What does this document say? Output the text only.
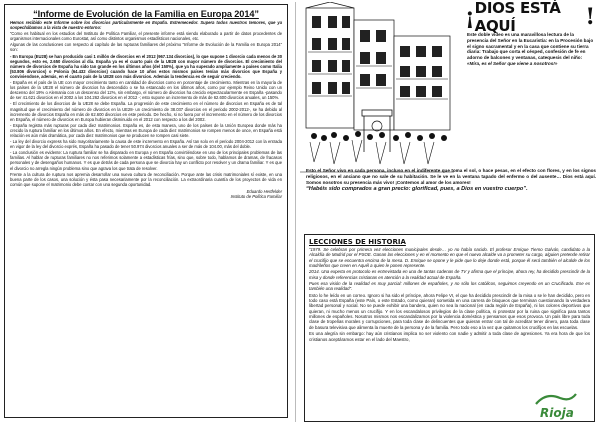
“Informe de Evolución de la Familia en Europa 2014”

Hemos recibido este Informe sobre los divorcios particularmente en España. Estremecedor. Supera todos nuestros temores, que ya sospechábamos a la vista de nuestro entorno:

“Como es habitual en los estudios del Instituto de Política Familiar, el presente informe está siendo elaborado a partir de datos procedentes de organismos internacionales como Eurostat, así como distintos organismos estadísticos nacionales, etc.

Algunas de las conclusiones con respecto al capítulo de las rupturas familiares del próximo “Informe de Evolución de la Familia en Europa 2014” son:

- En Europa (EU28) se han producido casi 1 millón de divorcios en el 2012 (967.134 divorcios), lo que supone 1 divorcio cada menos de 30 segundos, esto es, 2.650 divorcios al día. España ya es el cuarto país de la UE28 con mayor número de divorcios. El crecimiento del número de divorcios de España ha sido tan grande en los últimos años (del 150%), que ya ha superado ampliamente a países como Italia (53.806 divorcios) o Polonia (64.432 divorcios) cuando hace 10 años estos mismos países tenían más divorcios que España y conviviendose, además, en el cuarto país de la UE28 con más divorcios. Además la tendencia es de seguir creciendo.

- España es el país de la UE con mayor crecimiento tanto en cantidad de divorcios como en porcentaje de crecimiento. Mientras en la mayoría de los países de la UE28 el número de divorcios ha descendido o se ha estancado en los últimos años, como por ejemplo Reino Unido con un descenso del 19% o Alemania con un descenso del 12%, sin embargo, el número de divorcios ha crecido espectacularmente en España -pasando de ser 41.621 divorcios en el 2002 a los 104.262 divorcios en el 2012 -; esto supone un incremento de más de 62.600 divorcios anuales, un 150%.

- El crecimiento de los divorcios de la UE28 se debe España. La progresión de este crecimiento en el número de divorcios en España es de tal magnitud que el crecimiento del número de divorcios en la UE28- un crecimiento de 38.037 divorcios en el periodo 2002-2012-, se ha debido al incremento de divorcios España en más de 62.600 divorcios en este periodo. De hecho, si no fuera por el incremento en el número de los divorcios en España, el número de divorcios en Europa hubieran disminuido en el 2012 con respecto a los del 2002.

- España registra más rupturas por cada diez matrimonios. España es, de esta manera, uno de los países de la Unión Europea donde más ha crecido la ruptura familiar en los últimos años. En efecto, mientras en Europa de cada diez matrimonios se rompen menos de once, en España está relación es aún más dramática, por cada diez matrimonios que se producen se rompen casi siete.

- La ley del divorcio express ha sido mayoritariamente la causa de este incremento en España. Así tan solo en el periodo 2004-2012 con la entrada en vigor de la ley del divorcio exprés, España ha pasado de tener 50.974 divorcios anuales a ser de más de 104.00, más del doble.

- La conclusión es evidente: La ruptura familiar se ha disparado en Europa y en España convirtiéndose en uno de los principales problemas de las familias. Al hablar de rupturas familiares no nos referimos solamente a estadísticas frías, sino que, sobre todo, hablamos de dramas, de fracasos personales y de desengaños humanos. Y es que detrás de cada persona que se divorcia hay un conflicto por resolver y un drama familiar. Y es que el divorcio no arregla ningún problema sino que agrava los que trata de resolver.

Frente a la cultura de ruptura nos apremia desarrollar una nueva cultura de reconciliación. Porque ante las crisis matrimoniales sí existe, en una buena parte de los casos, una solución y ésta pasa necesariamente por la reconciliación. La extraordinaria cuantía de los proyectos de vida en común que supone el matrimonio debe contar con una segunda oportunidad.

Eduardo Hertfelder
Instituto de Política Familiar
¡ DIOS ESTÁ AQUÍ	!
Este doble vídeo es una maravillosa lectura de la presencia del Señor en la Eucaristía: en la Procesión bajo el signo sacramental y en la casa que contiene su tierra diaria: Trabajo que corta el césped, confesión de fe en adorno de balcones y ventanas, catequesis del niño: «Mira, es el Señor que viene a nosotros!»
Esto el Señor vivo en cada persona, incluso en el indiferente que toma el sol, o hace pesas, en el efecto con flores, y en los signos religiosos, en el anciano que no sale de su habitación. Se le ve en la ventana tapado del enfermo o del ausente… Dios está aquí. Somos nosotros su presencia más vivo! ¡Contemos al amor de los amores!
“Habéis sido comprados a gran precio: glorificad, pues, a Dios en vuestro cuerpo”.
LECCIONES DE HISTORIA

“1979. Se celebran por primera vez elecciones municipales desde… yo no había nacido. El profesor Enrique Tierno Galván, candidato a la Alcaldía de Madrid por el PSOE. Ganan las elecciones y en el momento en que el nuevo alcalde va a prometer su cargo, alguien pretende retirar el crucifijo que se encuentra encima de la mesa. D. Enrique se opone y le pide que lo deje donde está, porque él será también el alcalde de los madrileños que creen en Aquél a quien le ponen represente.

2014. Una experta en protocolo es entrevistada en una de tantas cadenas de TV y afirma que el príncipe, ahora rey, ha decidido prescindir de la misa y donde referencias cristianas en atención a la realidad actual de España.

Pues esa visión de la realidad es muy parcial: millones de españoles, y no sólo los católicos, seguimos creyendo en un Crucificado. Ese es también una realidad”.

Esto lo he leído en un correo. Ignoro si ha sido el príncipe, ahora Felipe VI, el que ha decidido prescindir de la misa o se le han decidido, pero en todo caso está España (este País, o este Estado, como quieran) sometida en una carrera de bloqueos que terminan cuestionando la verdadera libertad personal y social. No se puede exhibir una bandera, quien no sea la nacional (en cada región de España), ni los colores deportivos que quieran, ni mucho menos un crucifijo. Y en los escandalosos privilegios de la clase política, ni protestar por la ruina que significa para tantos millones de españoles. Nosotros mismos nos escandalizamos por la violencia doméstica y pensamos que esos provoca. Un país libre para toda clase de tropelías morales y corrupciones, para toda clase de delincuentes que quieran entrar con tal de acreditar tener dinero, para toda clase de basura televisiva que alimenta la muerte de la persona y de la familia. Pero todo eso a la vez que quitamos los crucifijos en las escuelas.

Es una alegría sin embargo: hay aún cristianos implica no ser violento con nadie y admitir a toda clase de agresiones. Ya era hora de que los cristianos aceptáramos estar en el lado del Maestro,

Rioja
